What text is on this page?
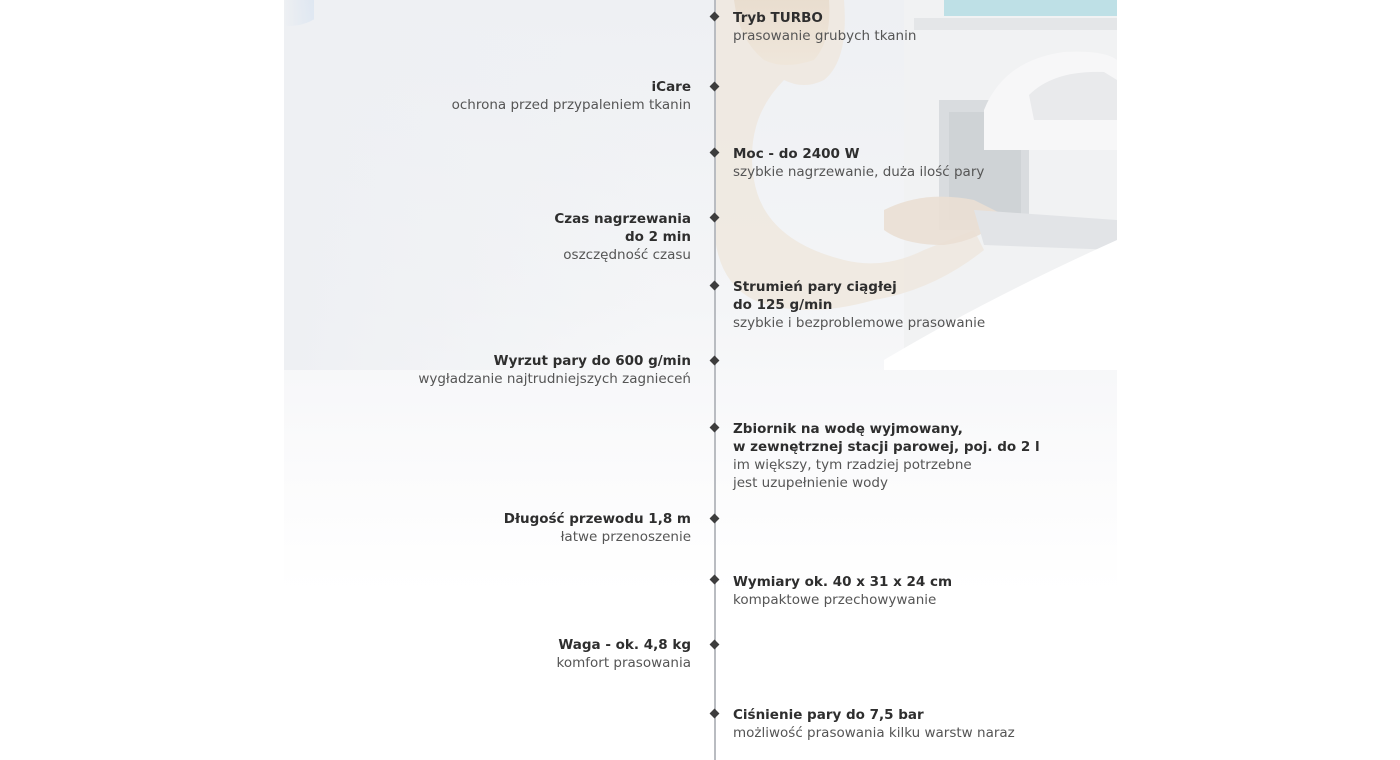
Tryb TURBO
prasowanie grubych tkanin
iCare
ochrona przed przypaleniem tkanin
Moc - do 2400 W
szybkie nagrzewanie, duża ilość pary
Czas nagrzewania
do 2 min
oszczędność czasu
Strumień pary ciągłej
do 125 g/min
szybkie i bezproblemowe prasowanie
Wyrzut pary do 600 g/min
wygładzanie najtrudniejszych zagnieceń
Zbiornik na wodę wyjmowany,
w zewnętrznej stacji parowej, poj. do 2 l
im większy, tym rzadziej potrzebne
jest uzupełnienie wody
Długość przewodu 1,8 m
łatwe przenoszenie
Wymiary ok. 40 x 31 x 24 cm
kompaktowe przechowywanie
Waga - ok. 4,8 kg
komfort prasowania
Ciśnienie pary do 7,5 bar
możliwość prasowania kilku warstw naraz
